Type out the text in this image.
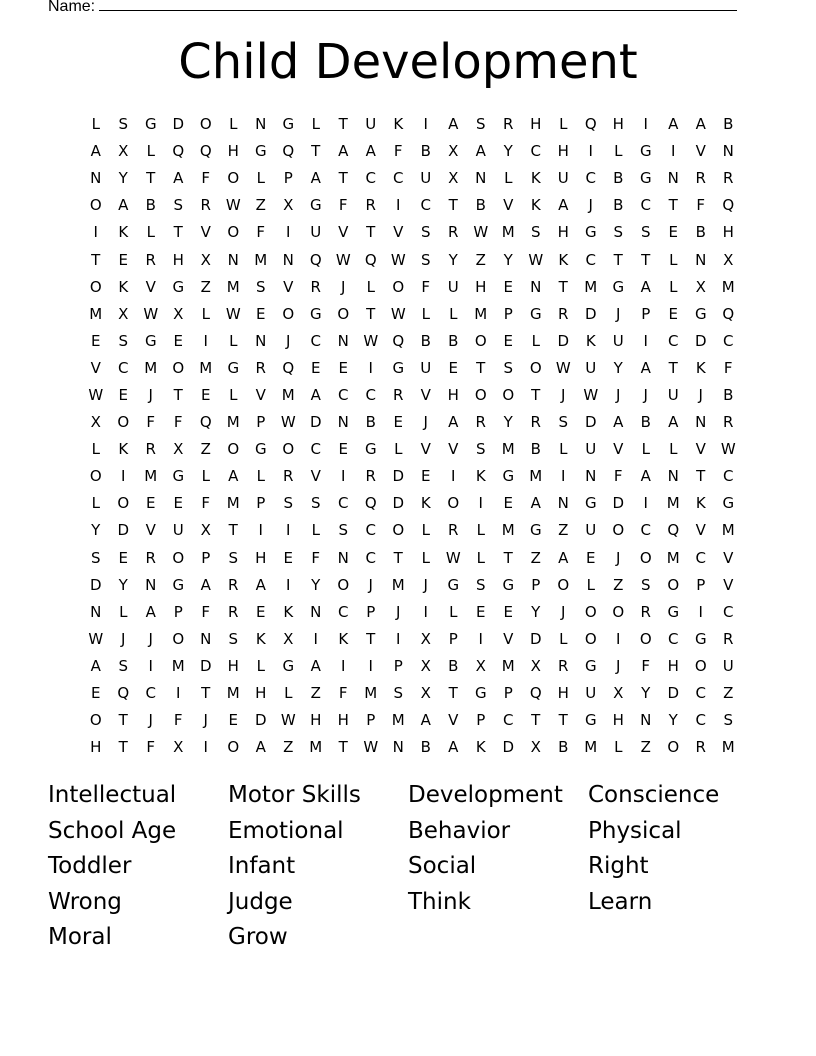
Name:
Child Development
L	S	G	D	O	L	N	G	L	T	U	K	I	A	S	R	H	L	Q	H	I	A	A	B
A	X	L	Q	Q	H	G	Q	T	A	A	F	B	X	A	Y	C	H	I	L	G	I	V	N
N	Y	T	A	F	O	L	P	A	T	C	C	U	X	N	L	K	U	C	B	G	N	R	R
O	A	B	S	R	W	Z	X	G	F	R	I	C	T	B	V	K	A	J	B	C	T	F	Q
I	K	L	T	V	O	F	I	U	V	T	V	S	R	W	M	S	H	G	S	S	E	B	H
T	E	R	H	X	N	M	N	Q	W	Q	W	S	Y	Z	Y	W	K	C	T	T	L	N	X
O	K	V	G	Z	M	S	V	R	J	L	O	F	U	H	E	N	T	M	G	A	L	X	M
M	X	W	X	L	W	E	O	G	O	T	W	L	L	M	P	G	R	D	J	P	E	G	Q
E	S	G	E	I	L	N	J	C	N	W	Q	B	B	O	E	L	D	K	U	I	C	D	C
V	C	M	O	M	G	R	Q	E	E	I	G	U	E	T	S	O	W	U	Y	A	T	K	F
W	E	J	T	E	L	V	M	A	C	C	R	V	H	O	O	T	J	W	J	J	U	J	B
X	O	F	F	Q	M	P	W	D	N	B	E	J	A	R	Y	R	S	D	A	B	A	N	R
L	K	R	X	Z	O	G	O	C	E	G	L	V	V	S	M	B	L	U	V	L	L	V	W
O	I	M	G	L	A	L	R	V	I	R	D	E	I	K	G	M	I	N	F	A	N	T	C
L	O	E	E	F	M	P	S	S	C	Q	D	K	O	I	E	A	N	G	D	I	M	K	G
Y	D	V	U	X	T	I	I	L	S	C	O	L	R	L	M	G	Z	U	O	C	Q	V	M
S	E	R	O	P	S	H	E	F	N	C	T	L	W	L	T	Z	A	E	J	O	M	C	V
D	Y	N	G	A	R	A	I	Y	O	J	M	J	G	S	G	P	O	L	Z	S	O	P	V
N	L	A	P	F	R	E	K	N	C	P	J	I	L	E	E	Y	J	O	O	R	G	I	C
W	J	J	O	N	S	K	X	I	K	T	I	X	P	I	V	D	L	O	I	O	C	G	R
A	S	I	M	D	H	L	G	A	I	I	P	X	B	X	M	X	R	G	J	F	H	O	U
E	Q	C	I	T	M	H	L	Z	F	M	S	X	T	G	P	Q	H	U	X	Y	D	C	Z
O	T	J	F	J	E	D	W	H	H	P	M	A	V	P	C	T	T	G	H	N	Y	C	S
H	T	F	X	I	O	A	Z	M	T	W	N	B	A	K	D	X	B	M	L	Z	O	R	M
Intellectual	Motor Skills	Development	Conscience
School Age	Emotional	Behavior	Physical
Toddler	Infant	Social	Right
Wrong	Judge	Think	Learn
Moral	Grow
